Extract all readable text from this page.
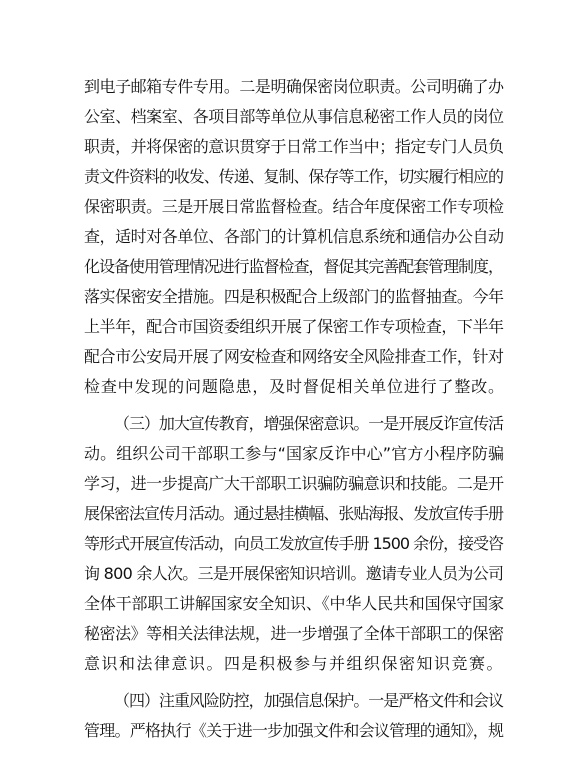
到电子邮箱专件专用。二是明确保密岗位职责。公司明确了办
公室、档案室、各项目部等单位从事信息秘密工作人员的岗位
职责，并将保密的意识贯穿于日常工作当中；指定专门人员负
责文件资料的收发、传递、复制、保存等工作，切实履行相应的
保密职责。三是开展日常监督检查。结合年度保密工作专项检
查，适时对各单位、各部门的计算机信息系统和通信办公自动
化设备使用管理情况进行监督检查，督促其完善配套管理制度，
落实保密安全措施。四是积极配合上级部门的监督抽查。今年
上半年，配合市国资委组织开展了保密工作专项检查，下半年
配合市公安局开展了网安检查和网络安全风险排查工作，针对
检查中发现的问题隐患，及时督促相关单位进行了整改。
（三）加大宣传教育，增强保密意识。一是开展反诈宣传活
动。组织公司干部职工参与“国家反诈中心”官方小程序防骗
学习，进一步提高广大干部职工识骗防骗意识和技能。二是开
展保密法宣传月活动。通过悬挂横幅、张贴海报、发放宣传手册
等形式开展宣传活动，向员工发放宣传手册 1500 余份，接受咨
询 800 余人次。三是开展保密知识培训。邀请专业人员为公司
全体干部职工讲解国家安全知识、《中华人民共和国保守国家
秘密法》等相关法律法规，进一步增强了全体干部职工的保密
意识和法律意识。四是积极参与并组织保密知识竞赛。
（四）注重风险防控，加强信息保护。一是严格文件和会议
管理。严格执行《关于进一步加强文件和会议管理的通知》，规
